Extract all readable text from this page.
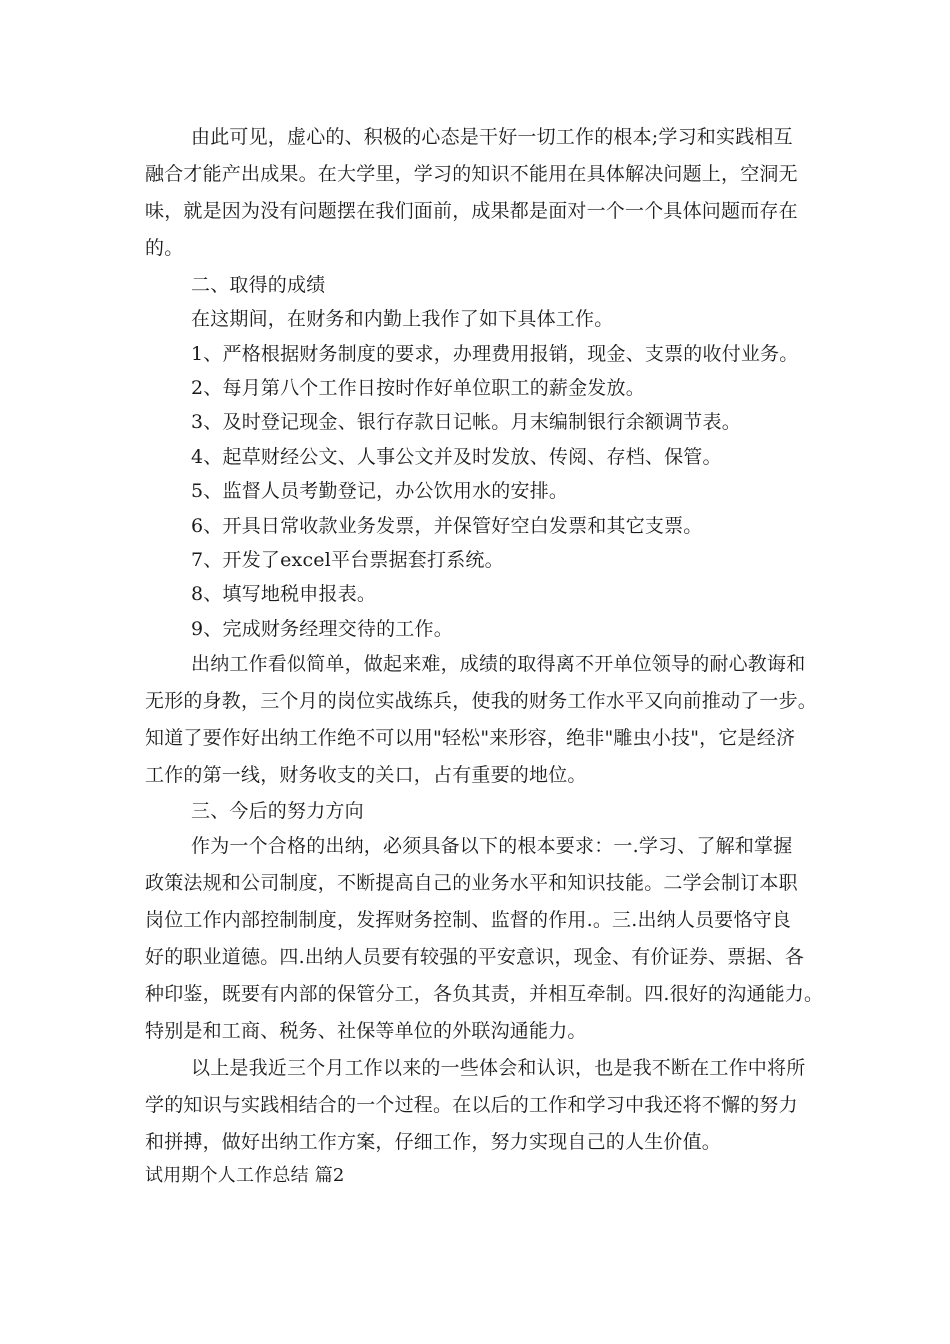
由此可见，虚心的、积极的心态是干好一切工作的根本;学习和实践相互
融合才能产出成果。在大学里，学习的知识不能用在具体解决问题上，空洞无
味，就是因为没有问题摆在我们面前，成果都是面对一个一个具体问题而存在
的。
二、取得的成绩
在这期间，在财务和内勤上我作了如下具体工作。
1、严格根据财务制度的要求，办理费用报销，现金、支票的收付业务。
2、每月第八个工作日按时作好单位职工的薪金发放。
3、及时登记现金、银行存款日记帐。月末编制银行余额调节表。
4、起草财经公文、人事公文并及时发放、传阅、存档、保管。
5、监督人员考勤登记，办公饮用水的安排。
6、开具日常收款业务发票，并保管好空白发票和其它支票。
7、开发了excel平台票据套打系统。
8、填写地税申报表。
9、完成财务经理交待的工作。
出纳工作看似简单，做起来难，成绩的取得离不开单位领导的耐心教诲和
无形的身教，三个月的岗位实战练兵，使我的财务工作水平又向前推动了一步。
知道了要作好出纳工作绝不可以用"轻松"来形容，绝非"雕虫小技"，它是经济
工作的第一线，财务收支的关口，占有重要的地位。
三、今后的努力方向
作为一个合格的出纳，必须具备以下的根本要求：一.学习、了解和掌握
政策法规和公司制度，不断提高自己的业务水平和知识技能。二学会制订本职
岗位工作内部控制制度，发挥财务控制、监督的作用.。三.出纳人员要恪守良
好的职业道德。四.出纳人员要有较强的平安意识，现金、有价证券、票据、各
种印鉴，既要有内部的保管分工，各负其责，并相互牵制。四.很好的沟通能力。
特别是和工商、税务、社保等单位的外联沟通能力。
以上是我近三个月工作以来的一些体会和认识，也是我不断在工作中将所
学的知识与实践相结合的一个过程。在以后的工作和学习中我还将不懈的努力
和拼搏，做好出纳工作方案，仔细工作，努力实现自己的人生价值。
试用期个人工作总结 篇2
